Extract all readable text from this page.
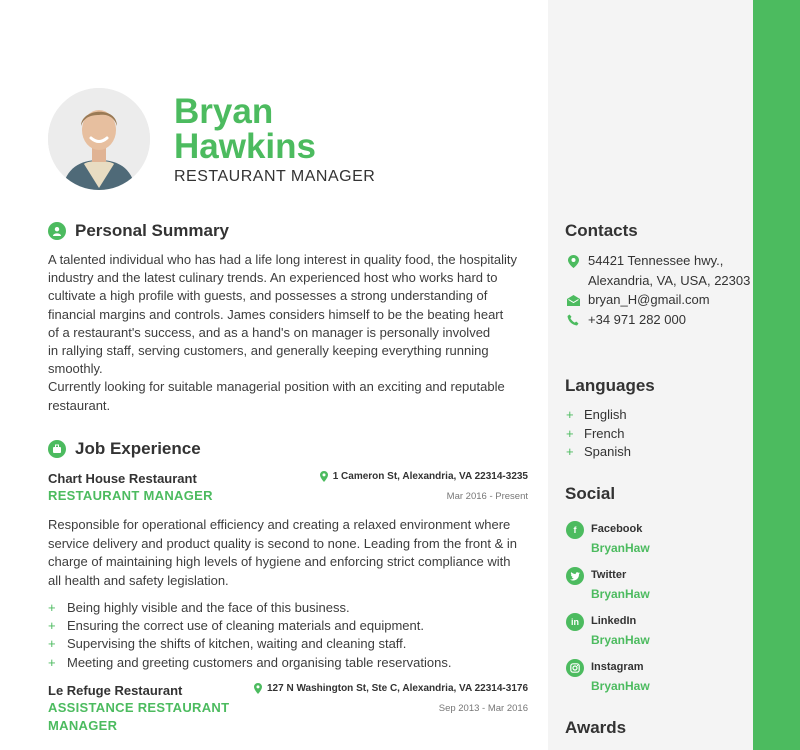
Bryan
Hawkins
RESTAURANT MANAGER
Personal Summary

A talented individual who has had a life long interest in quality food, the hospitality

industry and the latest culinary trends. An experienced host who works hard to

cultivate a high profile with guests, and possesses a strong understanding of

financial margins and controls. James considers himself to be the beating heart

of a restaurant's success, and as a hand's on manager is personally involved

in rallying staff, serving customers, and generally keeping everything running

smoothly.

Currently looking for suitable managerial position with an exciting and reputable

restaurant.

Job Experience
Chart House Restaurant
RESTAURANT MANAGER
1 Cameron St, Alexandria, VA 22314-3235
Mar 2016 - Present
Responsible for operational efficiency and creating a relaxed environment where
service delivery and product quality is second to none. Leading from the front & in
charge of maintaining high levels of hygiene and enforcing strict compliance with
all health and safety legislation.
+ Being highly visible and the face of this business.
+ Ensuring the correct use of cleaning materials and equipment.
+ Supervising the shifts of kitchen, waiting and cleaning staff.
+ Meeting and greeting customers and organising table reservations.
Le Refuge Restaurant
ASSISTANCE RESTAURANT
MANAGER
127 N Washington St, Ste C, Alexandria, VA 22314-3176
Sep 2013 - Mar 2016
Contacts
54421 Tennessee hwy.,
Alexandria, VA, USA, 22303
bryan_H@gmail.com
+34 971 282 000
Languages
+ English
+ French
+ Spanish
Social
f	Facebook
BryanHaw
Twitter
BryanHaw
in	LinkedIn
BryanHaw
Instagram
BryanHaw
Awards
